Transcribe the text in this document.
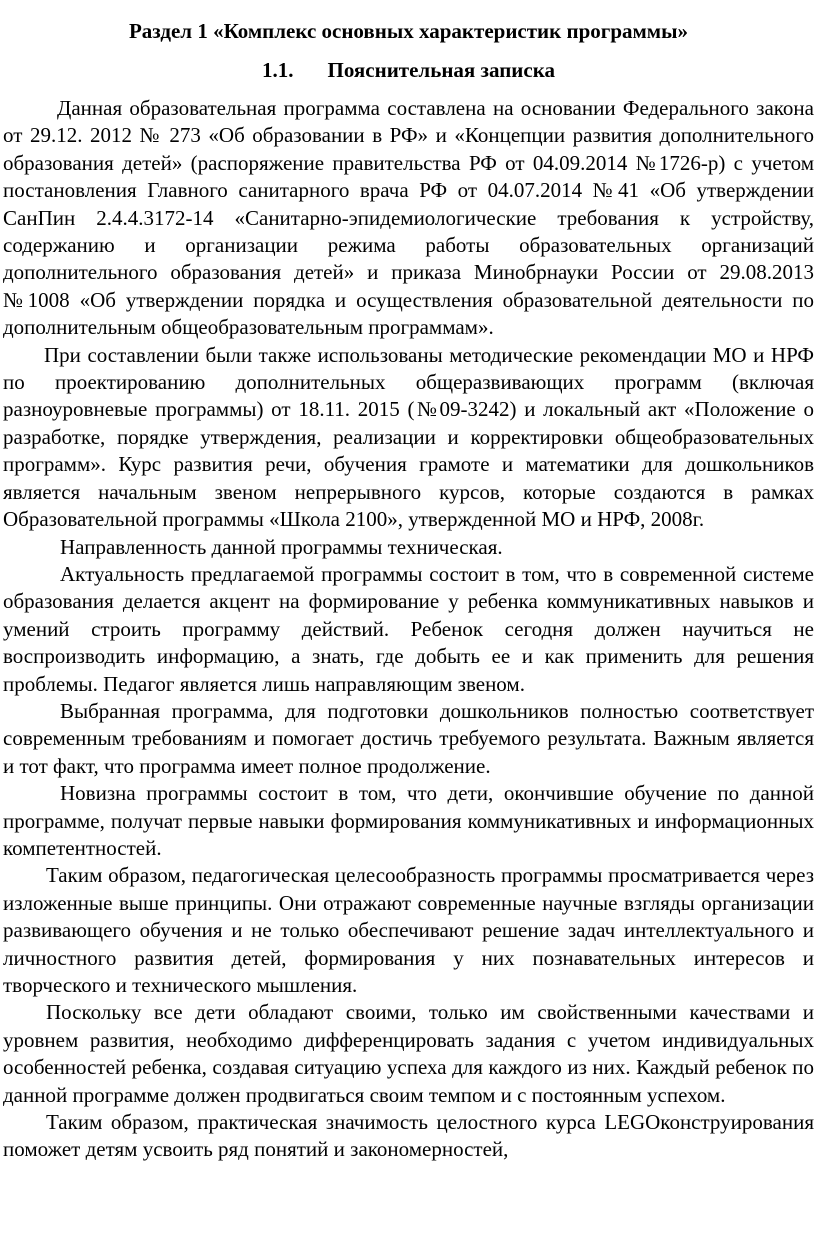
Раздел 1 «Комплекс основных характеристик программы»
1.1. Пояснительная записка

Данная образовательная программа составлена на основании Федерального закона от 29.12. 2012 № 273 «Об образовании в РФ» и «Концепции развития дополнительного образования детей» (распоряжение правительства РФ от 04.09.2014 №1726-р) с учетом постановления Главного санитарного врача РФ от 04.07.2014 №41 «Об утверждении СанПин 2.4.4.3172-14 «Санитарно-эпидемиологические требования к устройству, содержанию и организации режима работы образовательных организаций дополнительного образования детей» и приказа Минобрнауки России от 29.08.2013 №1008 «Об утверждении порядка и осуществления образовательной деятельности по дополнительным общеобразовательным программам».

При составлении были также использованы методические рекомендации МО и НРФ по проектированию дополнительных общеразвивающих программ (включая разноуровневые программы) от 18.11. 2015 (№09-3242) и локальный акт «Положение о разработке, порядке утверждения, реализации и корректировки общеобразовательных программ». Курс развития речи, обучения грамоте и математики для дошкольников является начальным звеном непрерывного курсов, которые создаются в рамках Образовательной программы «Школа 2100», утвержденной МО и НРФ, 2008г.

Направленность данной программы техническая.

Актуальность предлагаемой программы состоит в том, что в современной системе образования делается акцент на формирование у ребенка коммуникативных навыков и умений строить программу действий. Ребенок сегодня должен научиться не воспроизводить информацию, а знать, где добыть ее и как применить для решения проблемы. Педагог является лишь направляющим звеном.

Выбранная программа, для подготовки дошкольников полностью соответствует современным требованиям и помогает достичь требуемого результата. Важным является и тот факт, что программа имеет полное продолжение.

Новизна программы состоит в том, что дети, окончившие обучение по данной программе, получат первые навыки формирования коммуникативных и информационных компетентностей.

Таким образом, педагогическая целесообразность программы просматривается через изложенные выше принципы. Они отражают современные научные взгляды организации развивающего обучения и не только обеспечивают решение задач интеллектуального и личностного развития детей, формирования у них познавательных интересов и творческого и технического мышления.

Поскольку все дети обладают своими, только им свойственными качествами и уровнем развития, необходимо дифференцировать задания с учетом индивидуальных особенностей ребенка, создавая ситуацию успеха для каждого из них. Каждый ребенок по данной программе должен продвигаться своим темпом и с постоянным успехом.

Таким образом, практическая значимость целостного курса LEGOконструирования поможет детям усвоить ряд понятий и закономерностей,
